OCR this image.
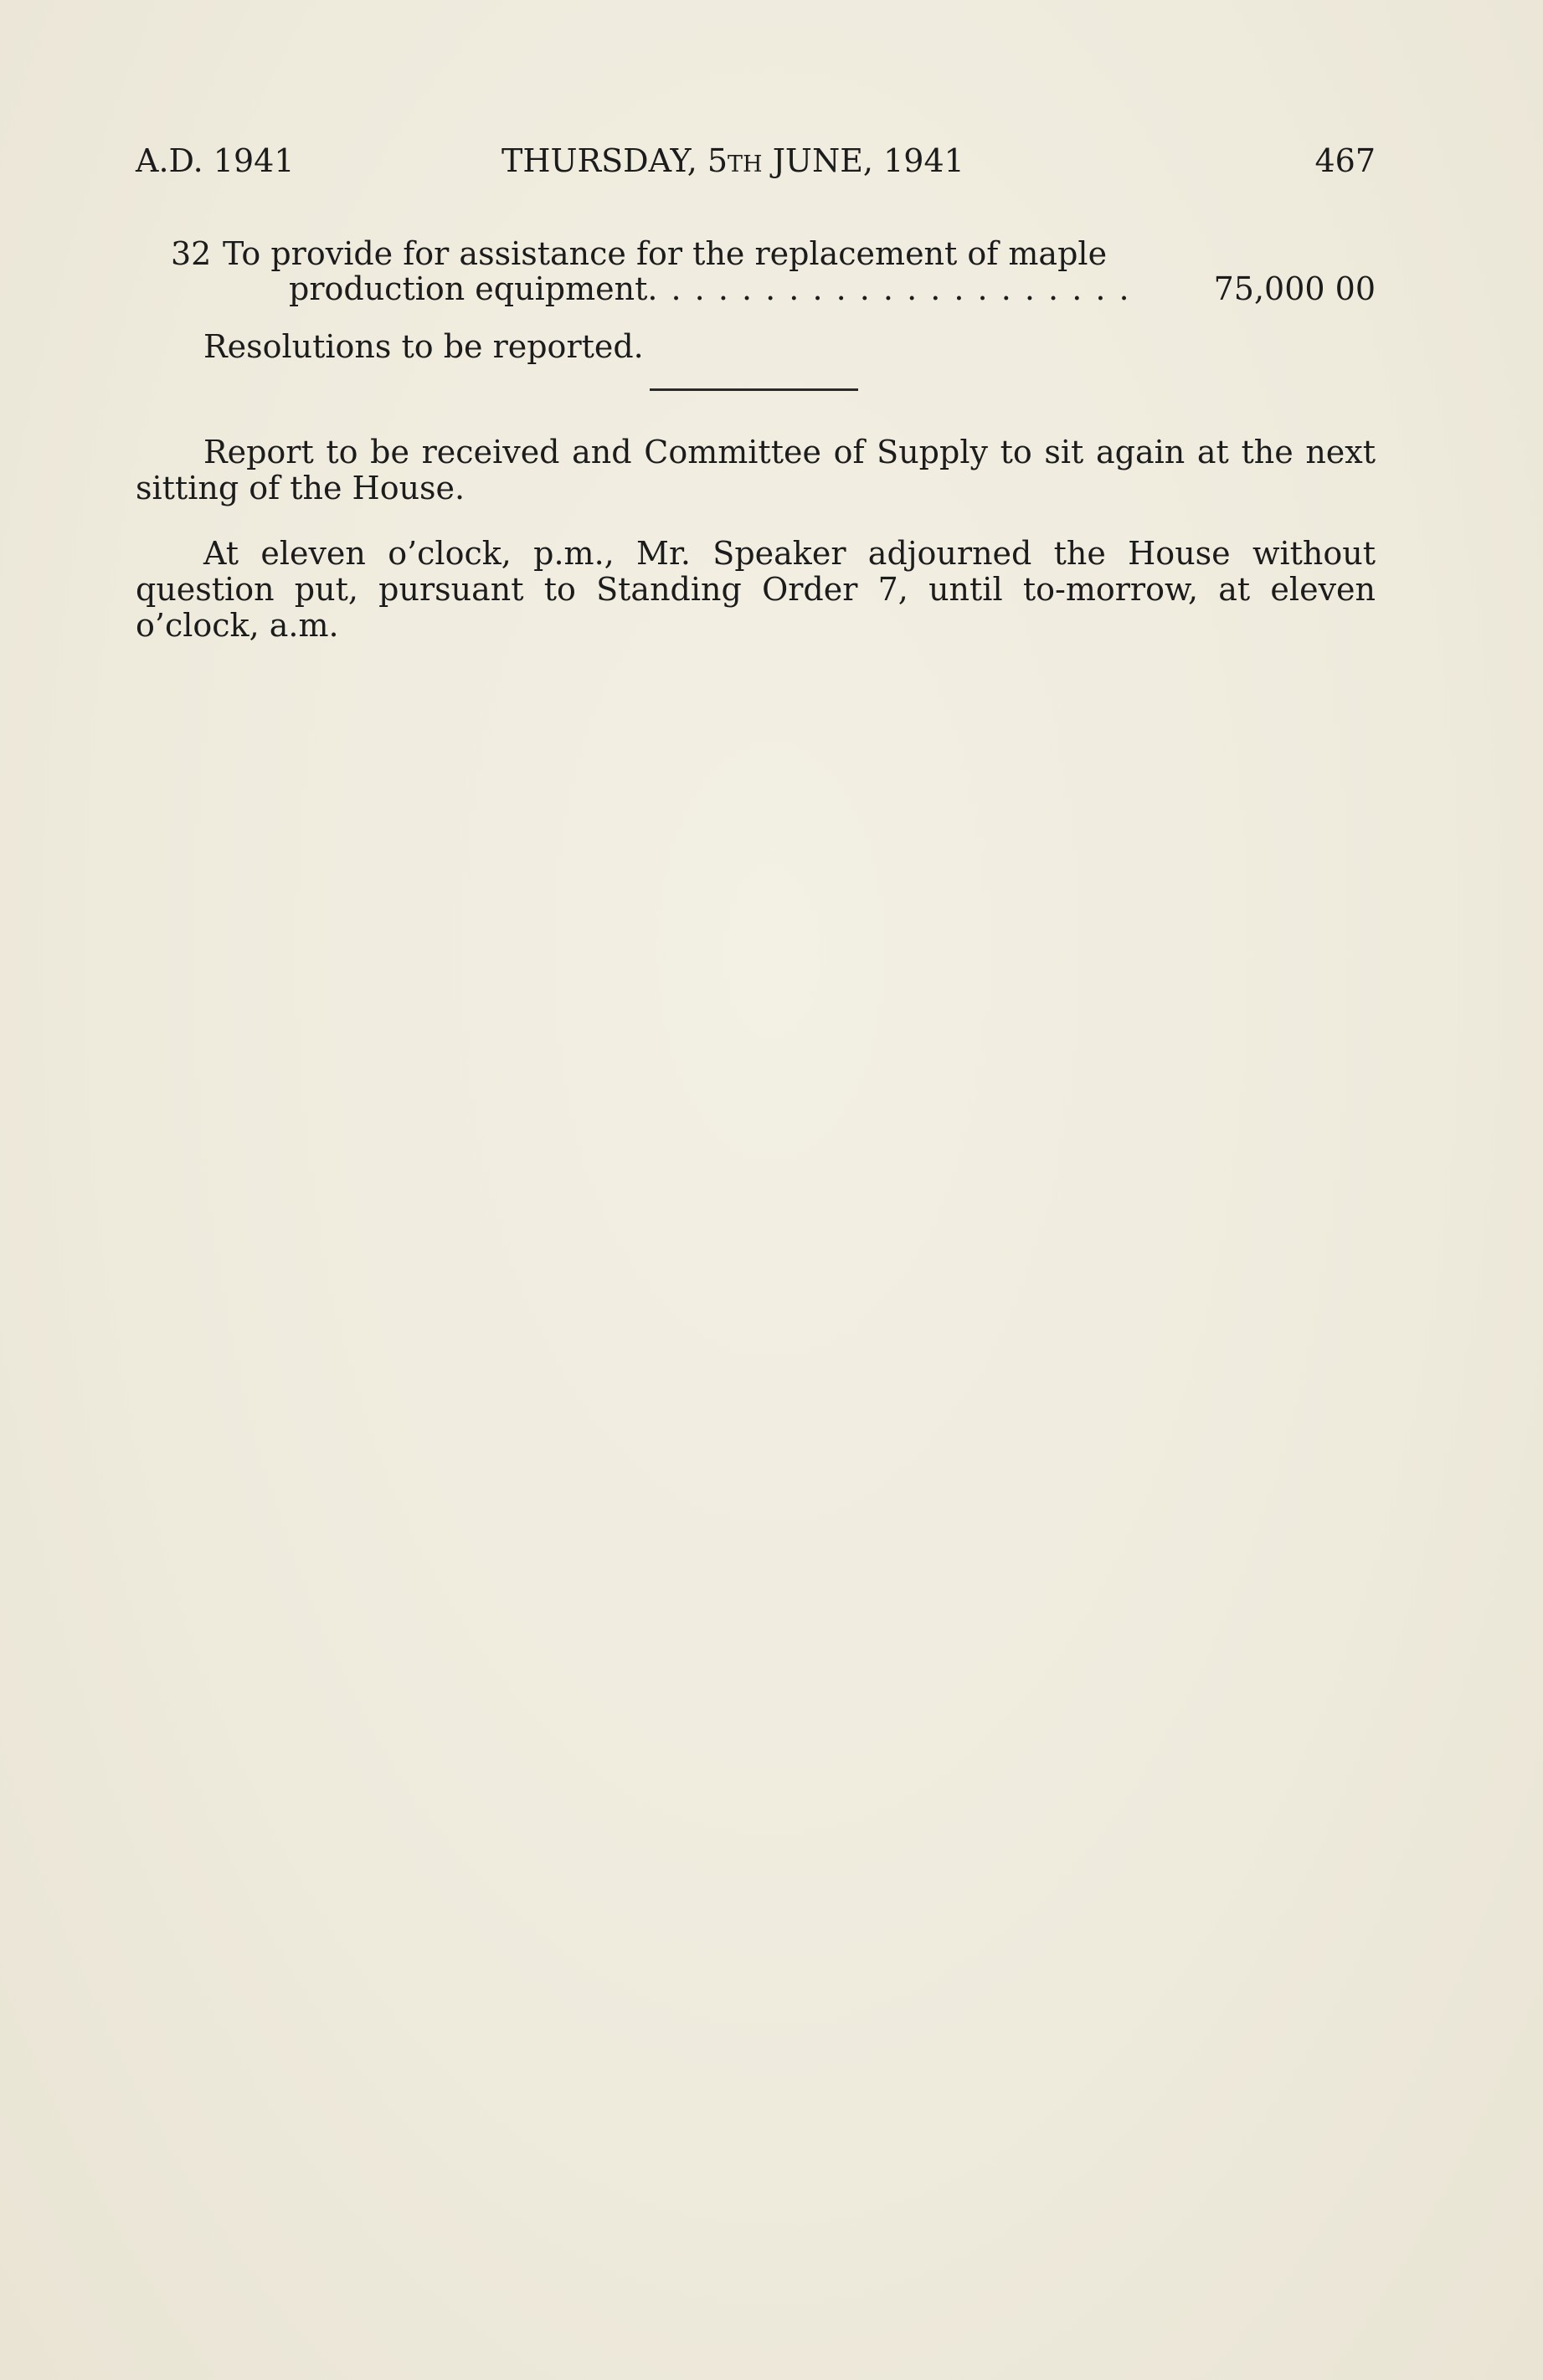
A.D. 1941	THURSDAY, 5th JUNE, 1941	467
32 To provide for assistance for the replacement of maple
production equipment. . . . . . . . . . . . . . . . . . . . .	75,000 00
Resolutions to be reported.

Report to be received and Committee of Supply to sit again at the next sitting of the House.

At eleven o’clock, p.m., Mr. Speaker adjourned the House without question put, pursuant to Standing Order 7, until to-morrow, at eleven o’clock, a.m.
